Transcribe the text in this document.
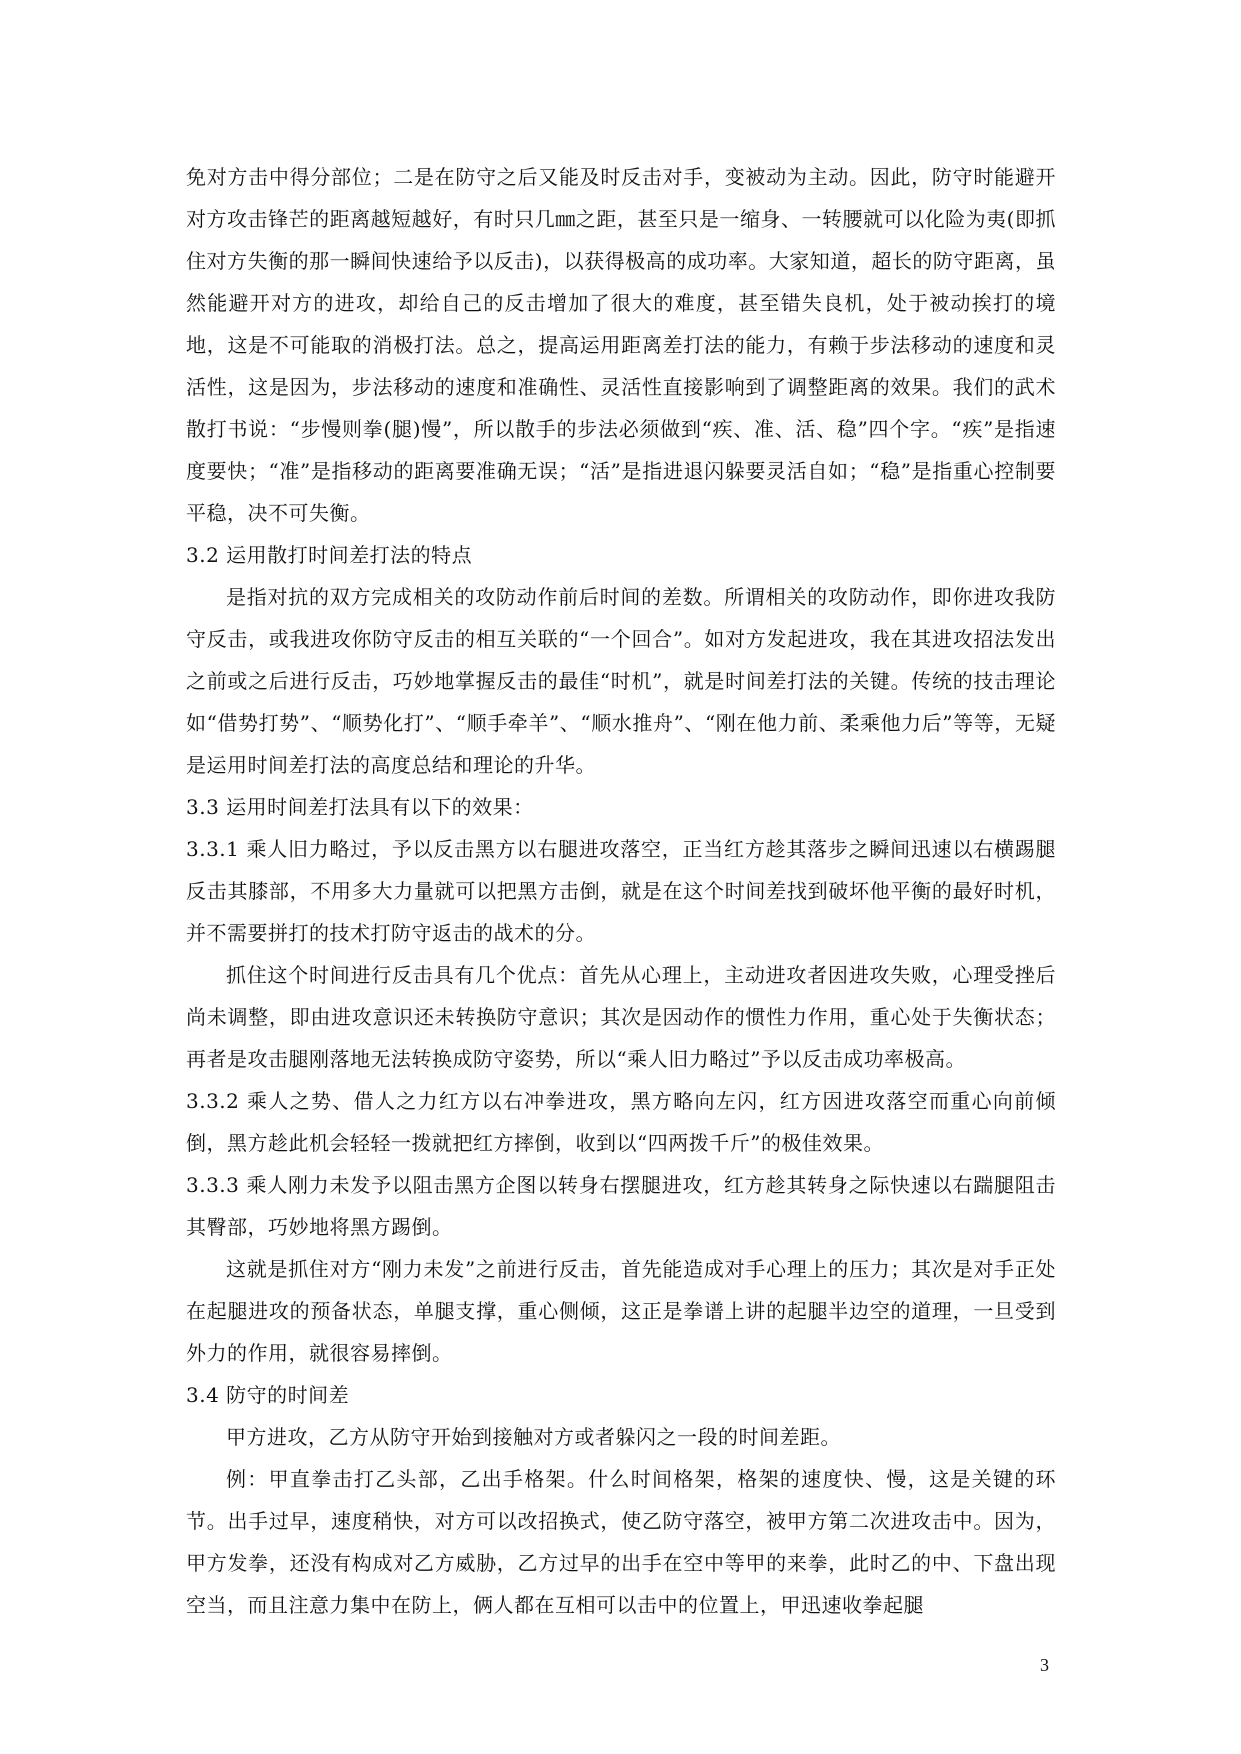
免对方击中得分部位；二是在防守之后又能及时反击对手，变被动为主动。因此，防守时能避开对方攻击锋芒的距离越短越好，有时只几㎜之距，甚至只是一缩身、一转腰就可以化险为夷(即抓住对方失衡的那一瞬间快速给予以反击)，以获得极高的成功率。大家知道，超长的防守距离，虽然能避开对方的进攻，却给自己的反击增加了很大的难度，甚至错失良机，处于被动挨打的境地，这是不可能取的消极打法。总之，提高运用距离差打法的能力，有赖于步法移动的速度和灵活性，这是因为，步法移动的速度和准确性、灵活性直接影响到了调整距离的效果。我们的武术散打书说：“步慢则拳(腿)慢”，所以散手的步法必须做到“疾、准、活、稳”四个字。“疾”是指速度要快；“准”是指移动的距离要准确无误；“活”是指进退闪躲要灵活自如；“稳”是指重心控制要平稳，决不可失衡。

3.2 运用散打时间差打法的特点

是指对抗的双方完成相关的攻防动作前后时间的差数。所谓相关的攻防动作，即你进攻我防守反击，或我进攻你防守反击的相互关联的“一个回合”。如对方发起进攻，我在其进攻招法发出之前或之后进行反击，巧妙地掌握反击的最佳“时机”，就是时间差打法的关键。传统的技击理论如“借势打势”、“顺势化打”、“顺手牵羊”、“顺水推舟”、“刚在他力前、柔乘他力后”等等，无疑是运用时间差打法的高度总结和理论的升华。

3.3 运用时间差打法具有以下的效果：

3.3.1 乘人旧力略过，予以反击黑方以右腿进攻落空，正当红方趁其落步之瞬间迅速以右横踢腿反击其膝部，不用多大力量就可以把黑方击倒，就是在这个时间差找到破坏他平衡的最好时机，并不需要拼打的技术打防守返击的战术的分。

抓住这个时间进行反击具有几个优点：首先从心理上，主动进攻者因进攻失败，心理受挫后尚未调整，即由进攻意识还未转换防守意识；其次是因动作的惯性力作用，重心处于失衡状态；再者是攻击腿刚落地无法转换成防守姿势，所以“乘人旧力略过”予以反击成功率极高。

3.3.2 乘人之势、借人之力红方以右冲拳进攻，黑方略向左闪，红方因进攻落空而重心向前倾倒，黑方趁此机会轻轻一拨就把红方摔倒，收到以“四两拨千斤”的极佳效果。

3.3.3 乘人刚力未发予以阻击黑方企图以转身右摆腿进攻，红方趁其转身之际快速以右踹腿阻击其臀部，巧妙地将黑方踢倒。

这就是抓住对方“刚力未发”之前进行反击，首先能造成对手心理上的压力；其次是对手正处在起腿进攻的预备状态，单腿支撑，重心侧倾，这正是拳谱上讲的起腿半边空的道理，一旦受到外力的作用，就很容易摔倒。

3.4 防守的时间差

甲方进攻，乙方从防守开始到接触对方或者躲闪之一段的时间差距。

例：甲直拳击打乙头部，乙出手格架。什么时间格架，格架的速度快、慢，这是关键的环节。出手过早，速度稍快，对方可以改招换式，使乙防守落空，被甲方第二次进攻击中。因为，甲方发拳，还没有构成对乙方威胁，乙方过早的出手在空中等甲的来拳，此时乙的中、下盘出现空当，而且注意力集中在防上，俩人都在互相可以击中的位置上，甲迅速收拳起腿

3
